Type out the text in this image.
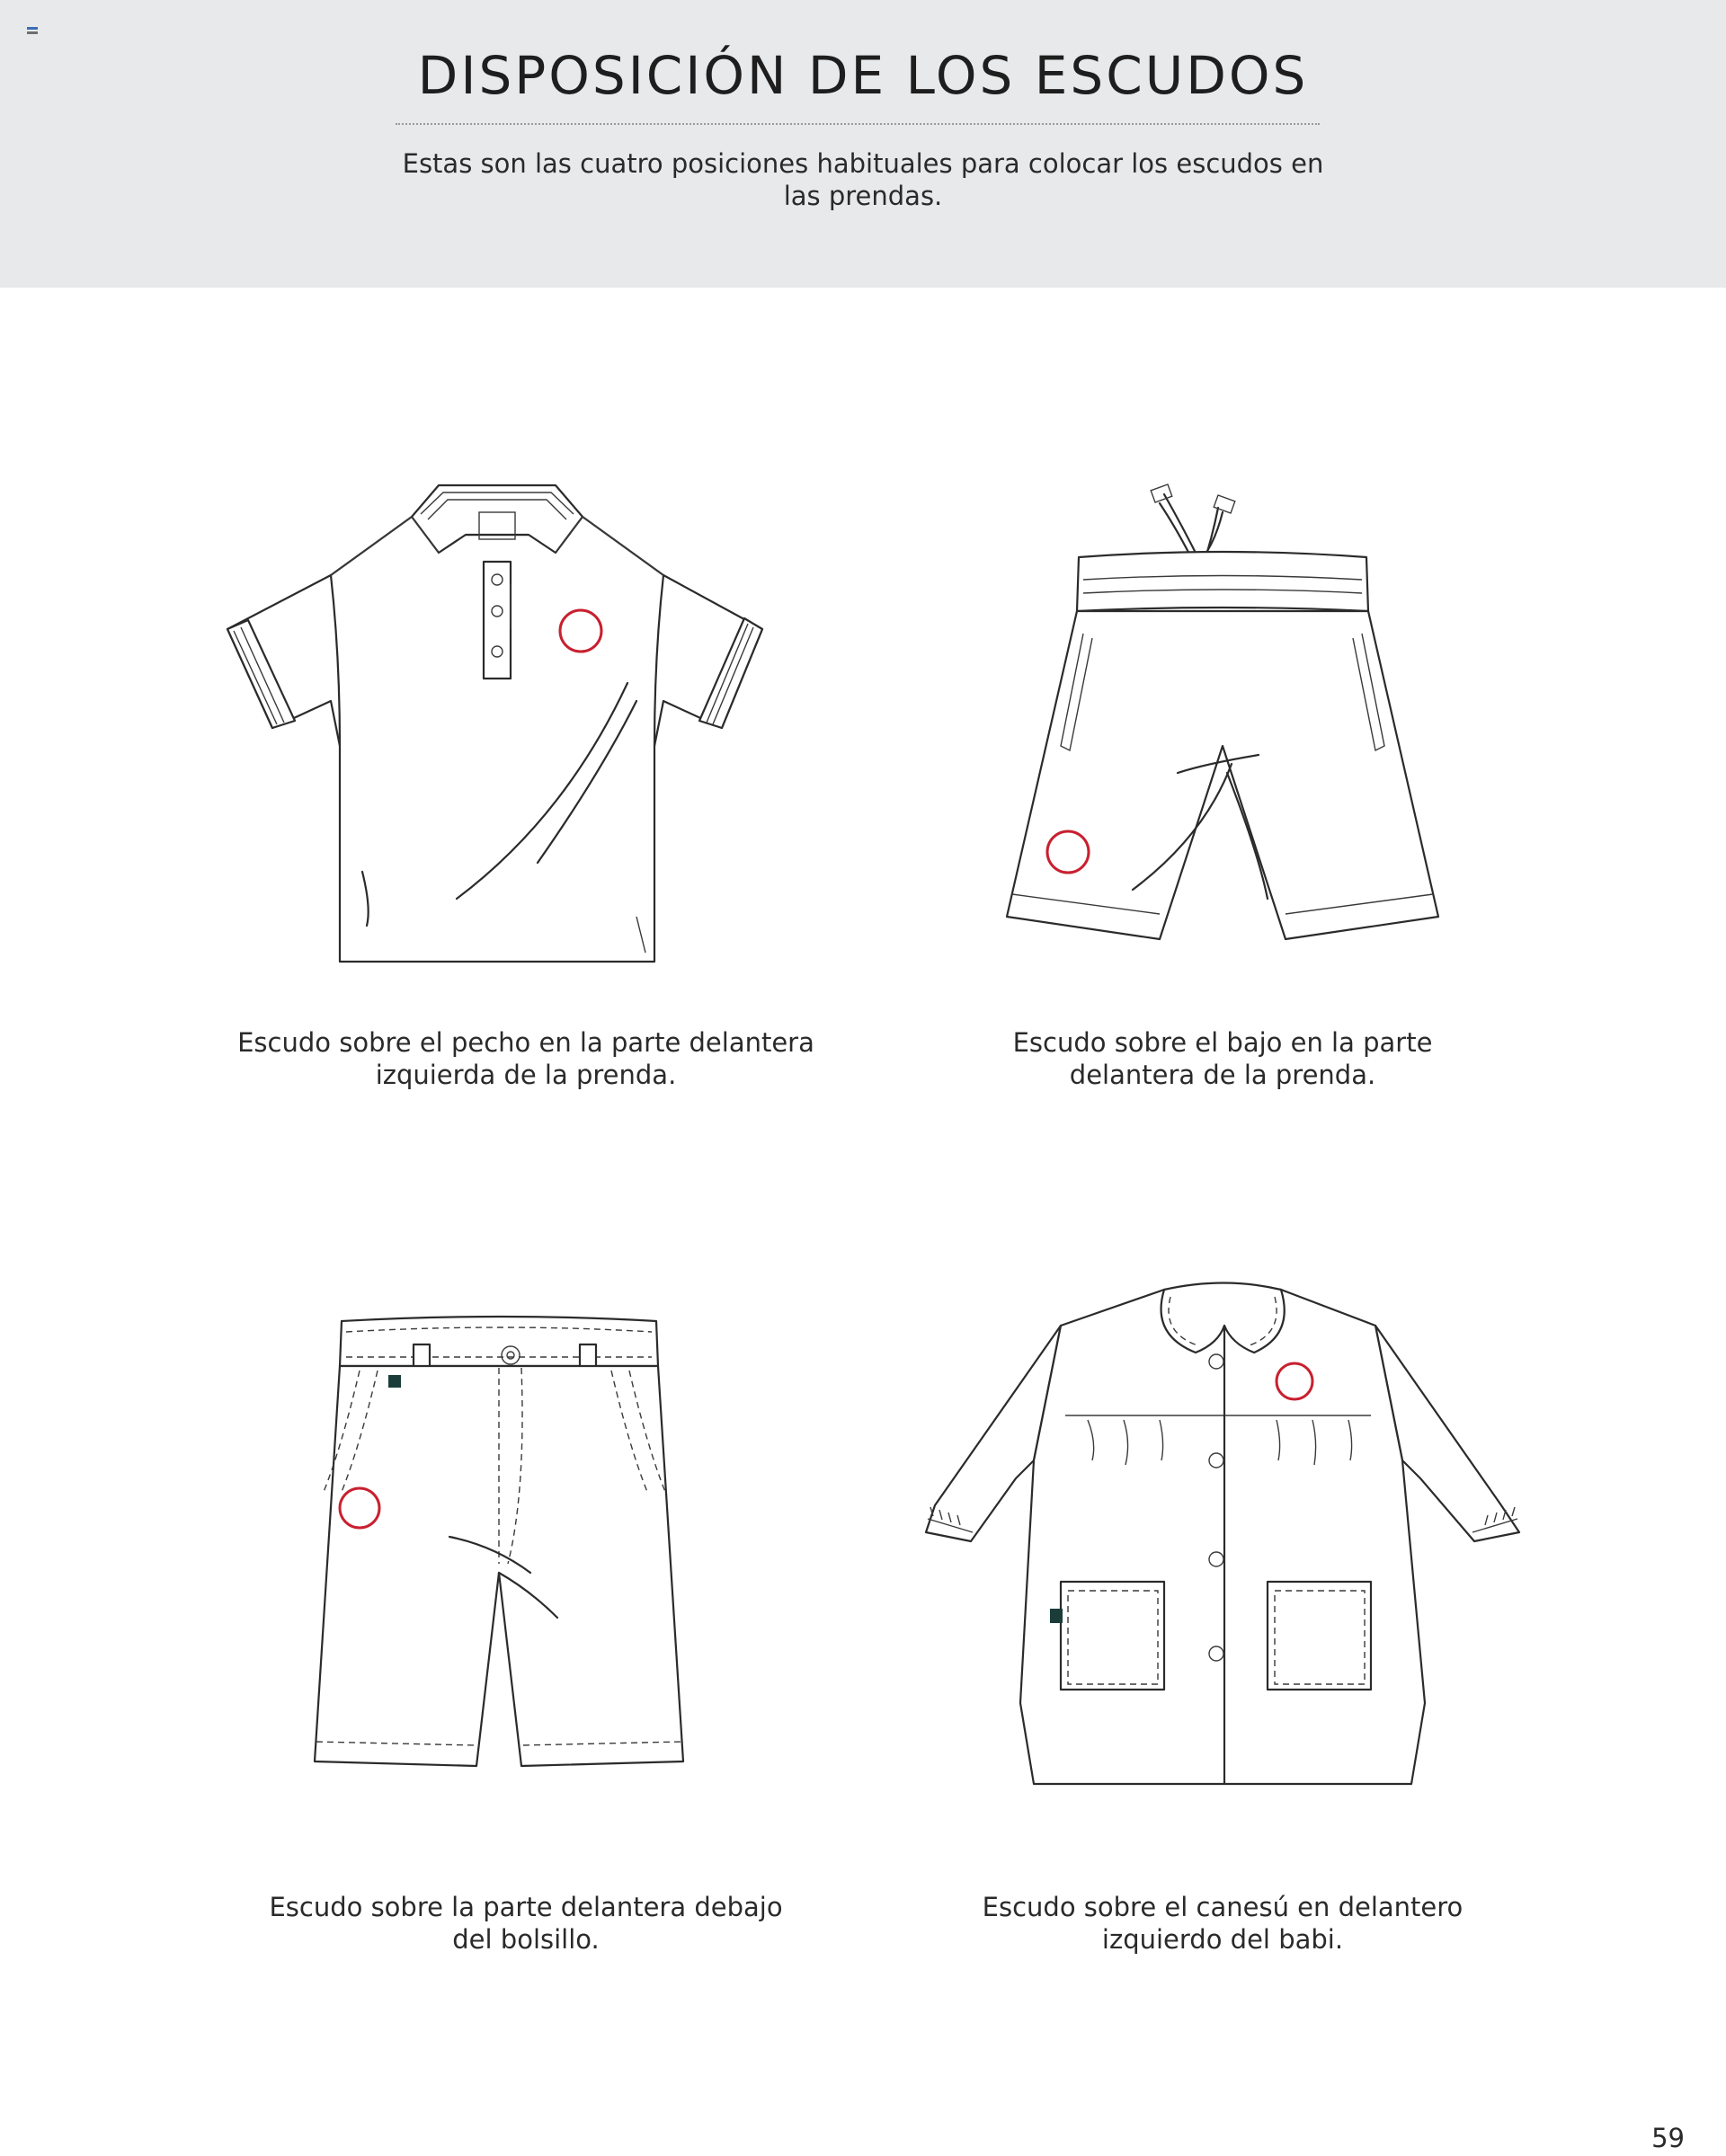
DISPOSICIÓN DE LOS ESCUDOS

Estas son las cuatro posiciones habituales para colocar los escudos en las prendas.

Escudo sobre el pecho en la parte delantera izquierda de la prenda.

Escudo sobre el bajo en la parte delantera de la prenda.

Escudo sobre la parte delantera debajo del bolsillo.

Escudo sobre el canesú en delantero izquierdo del babi.

59
